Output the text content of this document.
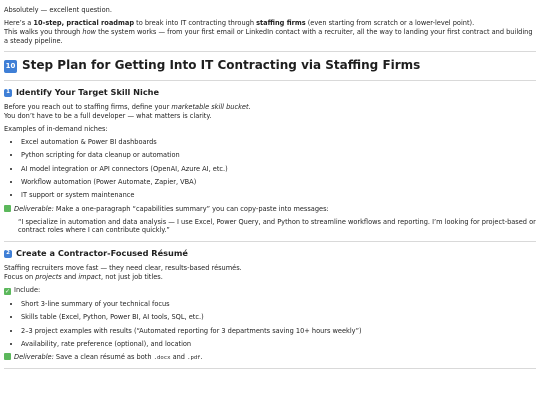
Absolutely — excellent question.

Here’s a 10-step, practical roadmap to break into IT contracting through staffing firms (even starting from scratch or a lower-level point).
This walks you through how the system works — from your first email or LinkedIn contact with a recruiter, all the way to landing your first contract and building a steady pipeline.

10 Step Plan for Getting Into IT Contracting via Staffing Firms
1 Identify Your Target Skill Niche

Before you reach out to staffing firms, define your marketable skill bucket.
You don’t have to be a full developer — what matters is clarity.

Examples of in-demand niches:

• Excel automation & Power BI dashboards
• Python scripting for data cleanup or automation
• AI model integration or API connectors (OpenAI, Azure AI, etc.)
• Workflow automation (Power Automate, Zapier, VBA)
• IT support or system maintenance

Deliverable: Make a one-paragraph “capabilities summary” you can copy-paste into messages:

“I specialize in automation and data analysis — I use Excel, Power Query, and Python to streamline workflows and reporting. I’m looking for project-based or contract roles where I can contribute quickly.”
2 Create a Contractor-Focused Résumé

Staffing recruiters move fast — they need clear, results-based résumés.
Focus on projects and impact, not just job titles.

✓ Include:

• Short 3-line summary of your technical focus
• Skills table (Excel, Python, Power BI, AI tools, SQL, etc.)
• 2–3 project examples with results (“Automated reporting for 3 departments saving 10+ hours weekly”)
• Availability, rate preference (optional), and location

Deliverable: Save a clean résumé as both .docx and .pdf.
